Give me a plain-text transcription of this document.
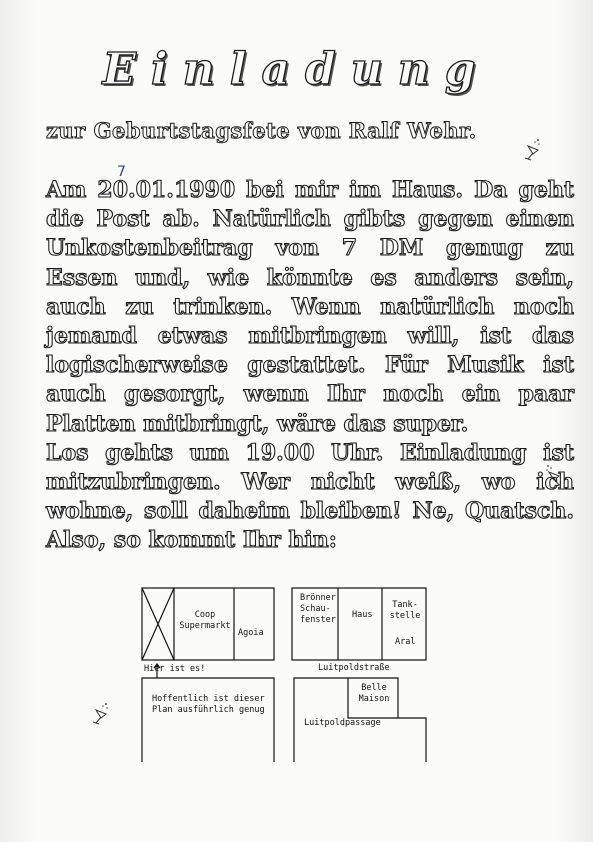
Einladung
zur Geburtstagsfete von Ralf Wehr.
7
Am 20.01.1990 bei mir im Haus. Da geht
die Post ab. Natürlich gibts gegen einen
Unkostenbeitrag von 7 DM genug zu
Essen und, wie könnte es anders sein,
auch zu trinken. Wenn natürlich noch
jemand etwas mitbringen will, ist das
logischerweise gestattet. Für Musik ist
auch gesorgt, wenn Ihr noch ein paar
Platten mitbringt, wäre das super.
Los gehts um 19.00 Uhr. Einladung ist
mitzubringen. Wer nicht weiß, wo ich
wohne, soll daheim bleiben! Ne, Quatsch.
Also, so kommt Ihr hin:
Coop
Supermarkt
Agoia
Hier ist es!
Brönner
Schau-
fenster Haus
Tank-
stelle
Aral
Luitpoldstraße
Hoffentlich ist dieser
Plan ausführlich genug
Belle
Maison
Luitpoldpassage
